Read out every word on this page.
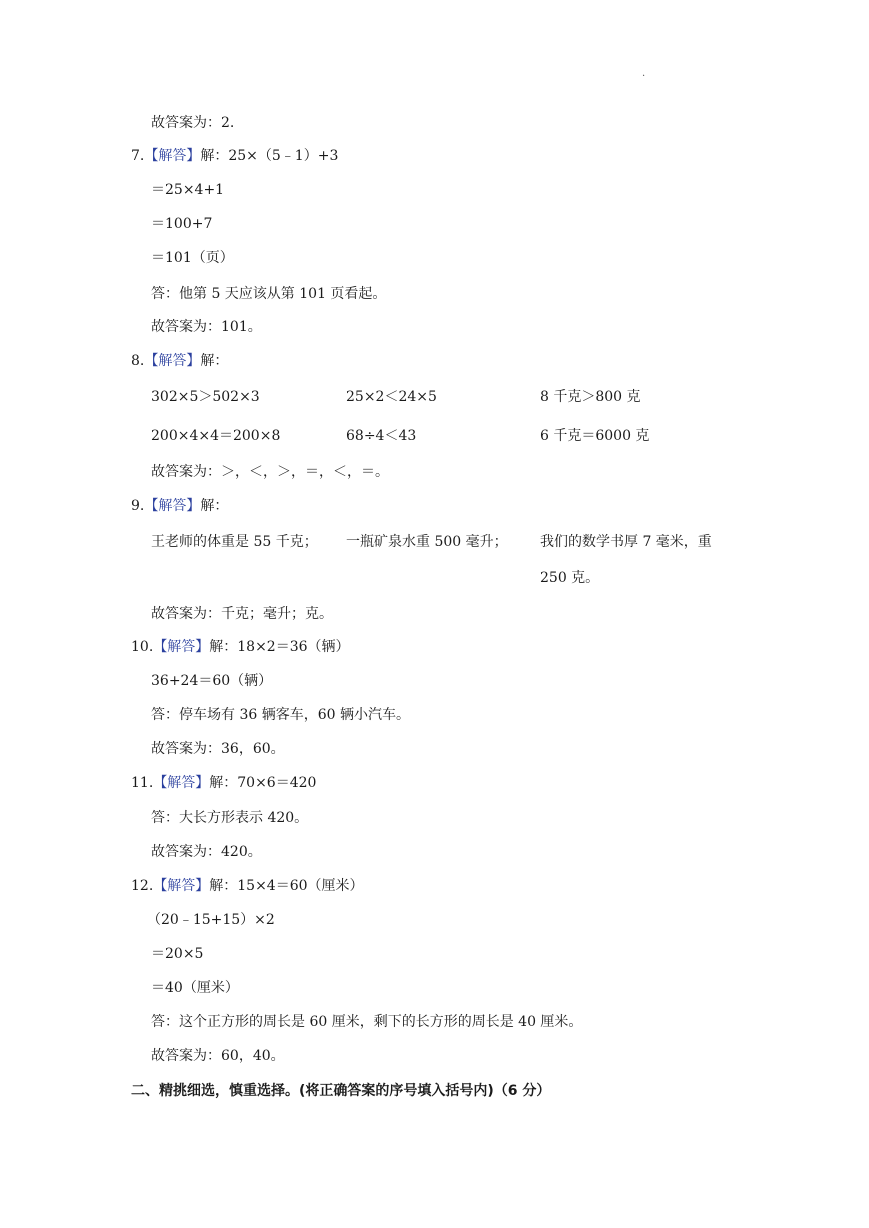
.
故答案为：2.
7.【解答】解：25×（5﹣1）+3
＝25×4+1
＝100+7
＝101（页）
答：他第 5 天应该从第 101 页看起。
故答案为：101。
8.【解答】解：
302×5＞502×3	25×2＜24×5	8 千克＞800 克
200×4×4＝200×8	68÷4＜43	6 千克＝6000 克
故答案为：＞，＜，＞，＝，＜，＝。
9.【解答】解：
王老师的体重是 55 千克； 一瓶矿泉水重 500 毫升； 我们的数学书厚 7 毫米，重
250 克。
故答案为：千克；毫升；克。
10.【解答】解：18×2＝36（辆）
36+24＝60（辆）
答：停车场有 36 辆客车，60 辆小汽车。
故答案为：36，60。
11.【解答】解：70×6＝420
答：大长方形表示 420。
故答案为：420。
12.【解答】解：15×4＝60（厘米）
（20﹣15+15）×2
＝20×5
＝40（厘米）
答：这个正方形的周长是 60 厘米，剩下的长方形的周长是 40 厘米。
故答案为：60，40。
二、精挑细选，慎重选择。(将正确答案的序号填入括号内)（6 分）
